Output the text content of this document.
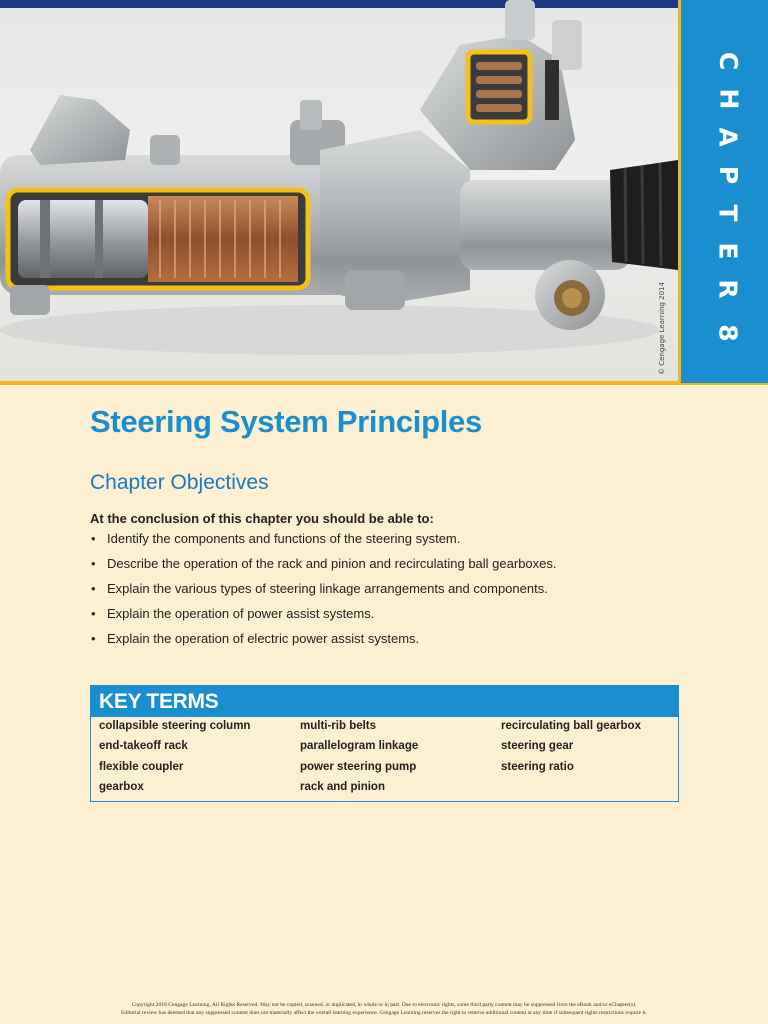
© Cengage Learning 2014
C
H
A
P
T
E
R
8
Steering System Principles
Chapter Objectives

At the conclusion of this chapter you should be able to:

• Identify the components and functions of the steering system.
• Describe the operation of the rack and pinion and recirculating ball gearboxes.
• Explain the various types of steering linkage arrangements and components.
• Explain the operation of power assist systems.
• Explain the operation of electric power assist systems.
KEY TERMS
collapsible steering column
end-takeoff rack
flexible coupler
gearbox
multi-rib belts
parallelogram linkage
power steering pump
rack and pinion
recirculating ball gearbox
steering gear
steering ratio
Copyright 2018 Cengage Learning. All Rights Reserved. May not be copied, scanned, or duplicated, in whole or in part. Due to electronic rights, some third party content may be suppressed from the eBook and/or eChapter(s).
Editorial review has deemed that any suppressed content does not materially affect the overall learning experience. Cengage Learning reserves the right to remove additional content at any time if subsequent rights restrictions require it.
